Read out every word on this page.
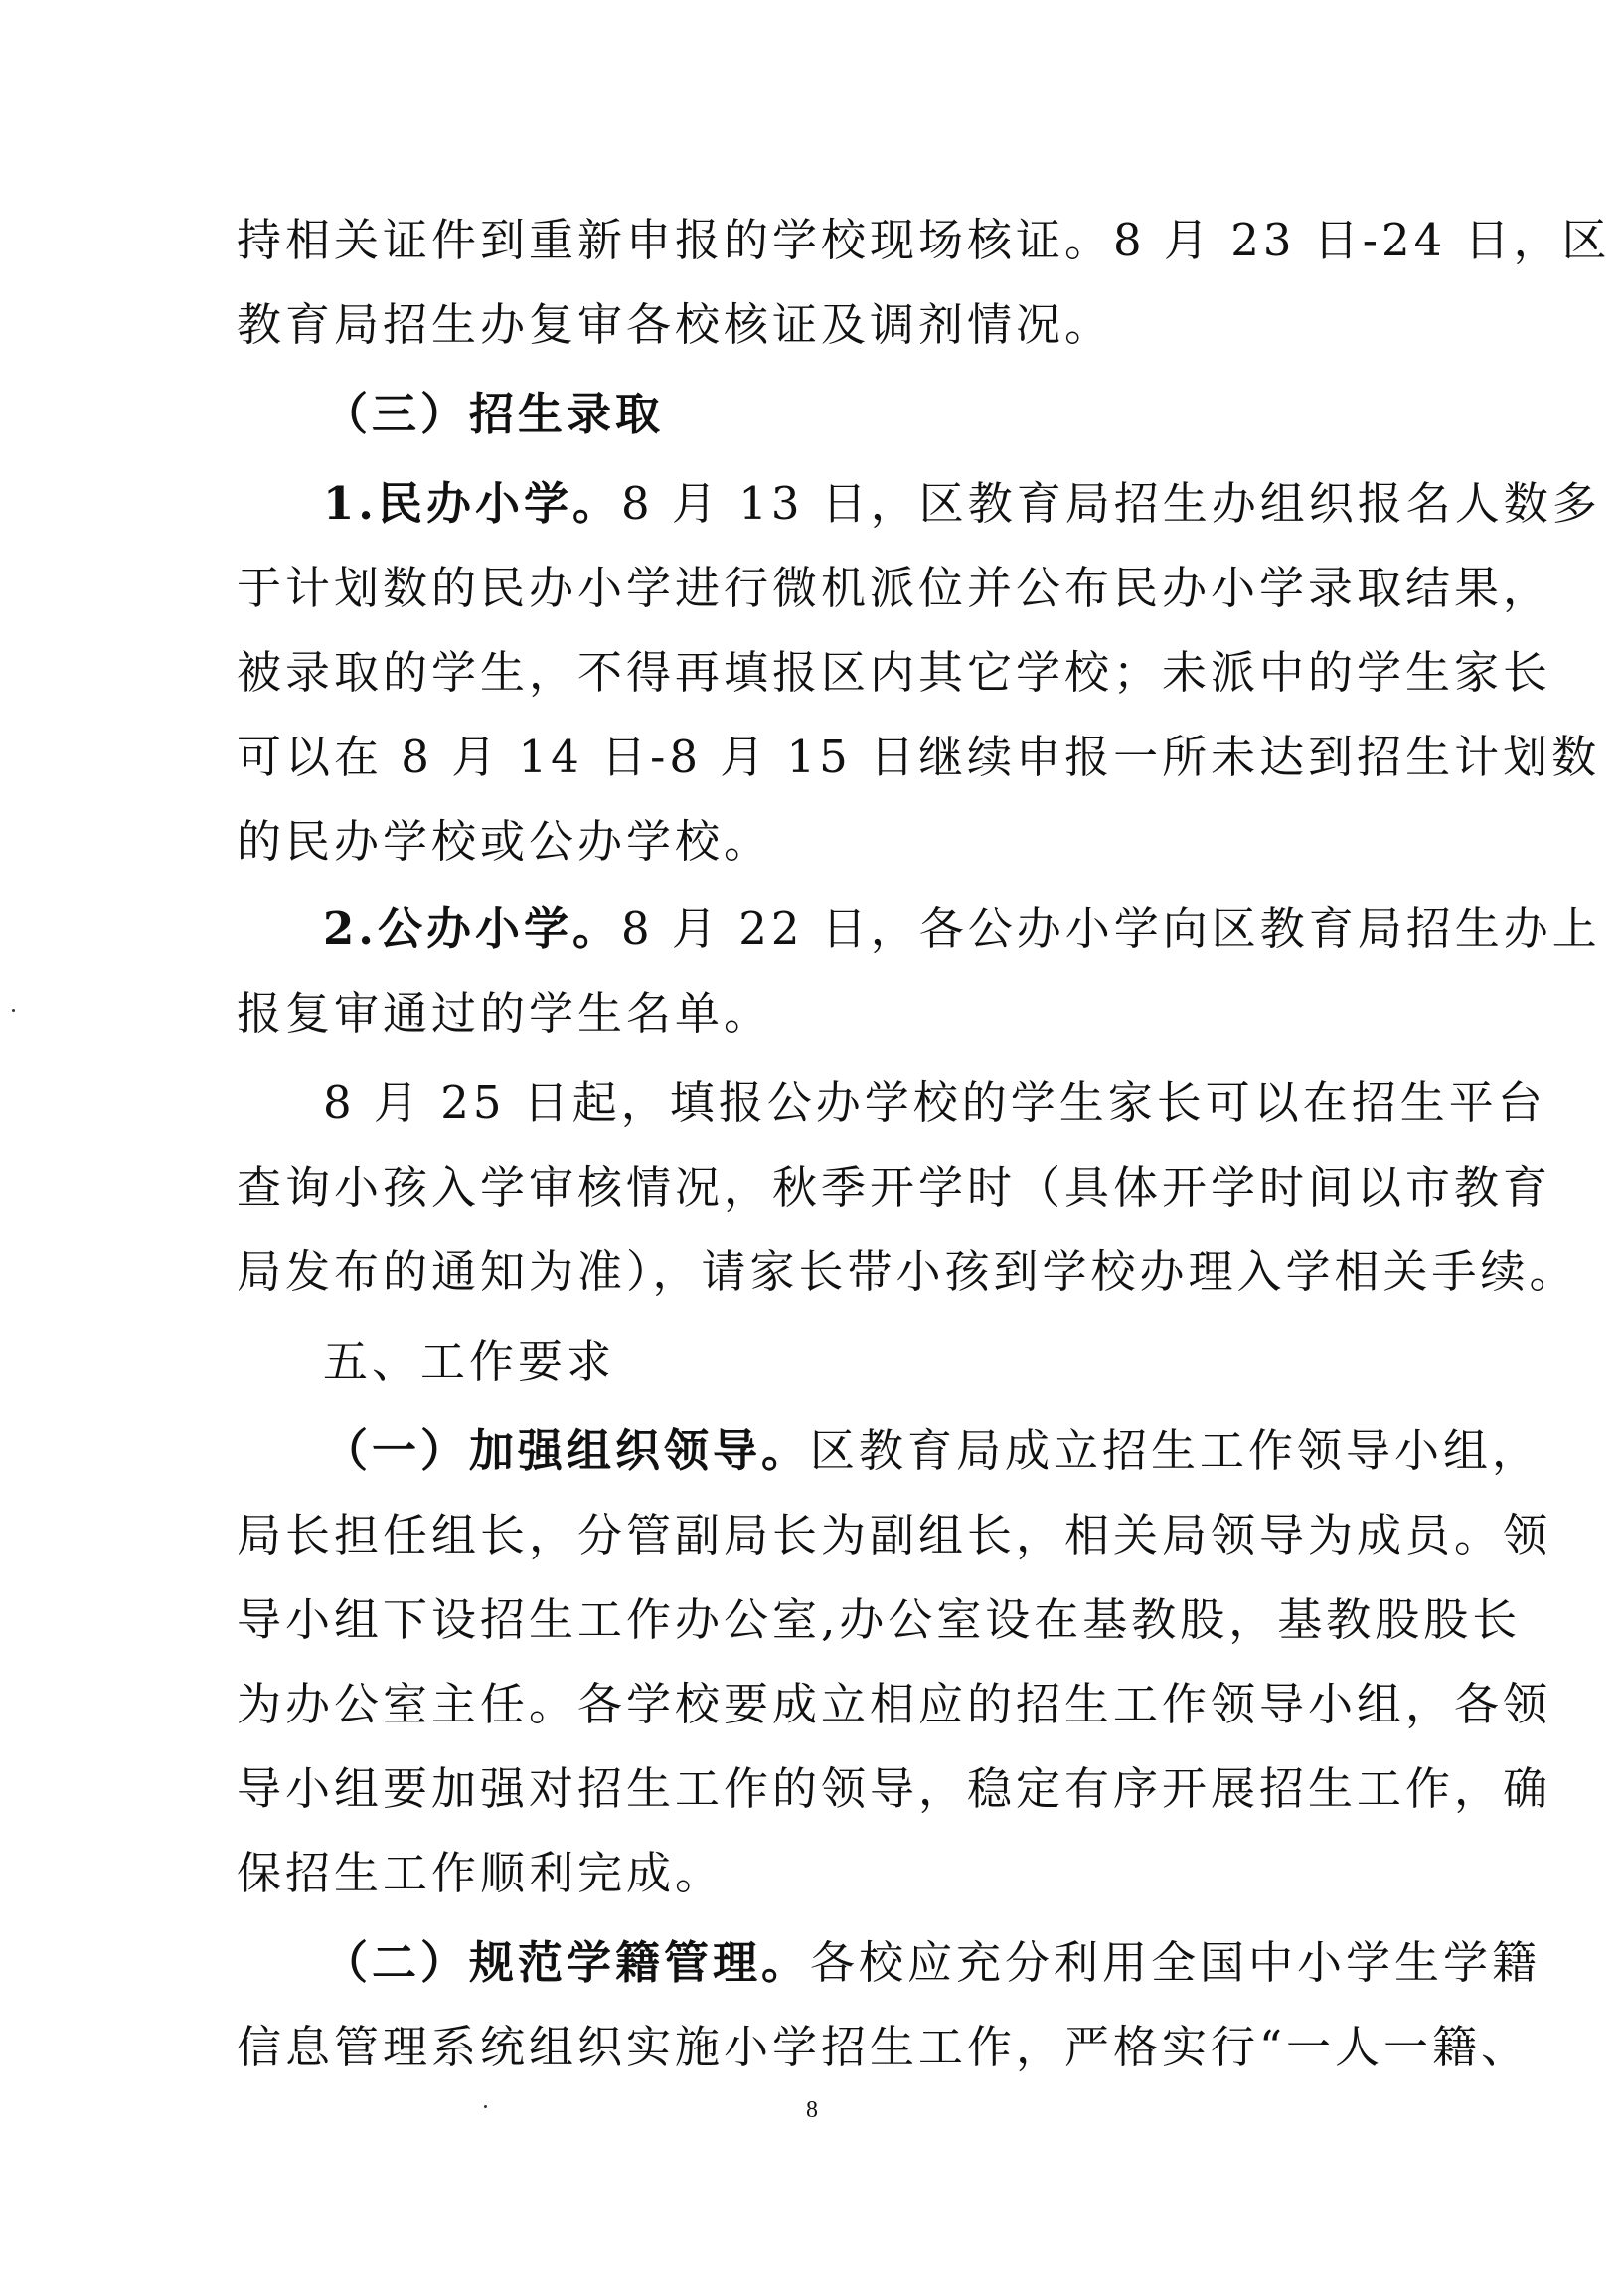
持相关证件到重新申报的学校现场核证。8 月 23 日-24 日，区
教育局招生办复审各校核证及调剂情况。
（三）招生录取
1.民办小学。8 月 13 日，区教育局招生办组织报名人数多
于计划数的民办小学进行微机派位并公布民办小学录取结果，
被录取的学生，不得再填报区内其它学校；未派中的学生家长
可以在 8 月 14 日-8 月 15 日继续申报一所未达到招生计划数
的民办学校或公办学校。
2.公办小学。8 月 22 日，各公办小学向区教育局招生办上
报复审通过的学生名单。
8 月 25 日起，填报公办学校的学生家长可以在招生平台
查询小孩入学审核情况，秋季开学时（具体开学时间以市教育
局发布的通知为准），请家长带小孩到学校办理入学相关手续。
五、工作要求
（一）加强组织领导。区教育局成立招生工作领导小组，
局长担任组长，分管副局长为副组长，相关局领导为成员。领
导小组下设招生工作办公室,办公室设在基教股，基教股股长
为办公室主任。各学校要成立相应的招生工作领导小组，各领
导小组要加强对招生工作的领导，稳定有序开展招生工作，确
保招生工作顺利完成。
（二）规范学籍管理。各校应充分利用全国中小学生学籍
信息管理系统组织实施小学招生工作，严格实行“一人一籍、
8
